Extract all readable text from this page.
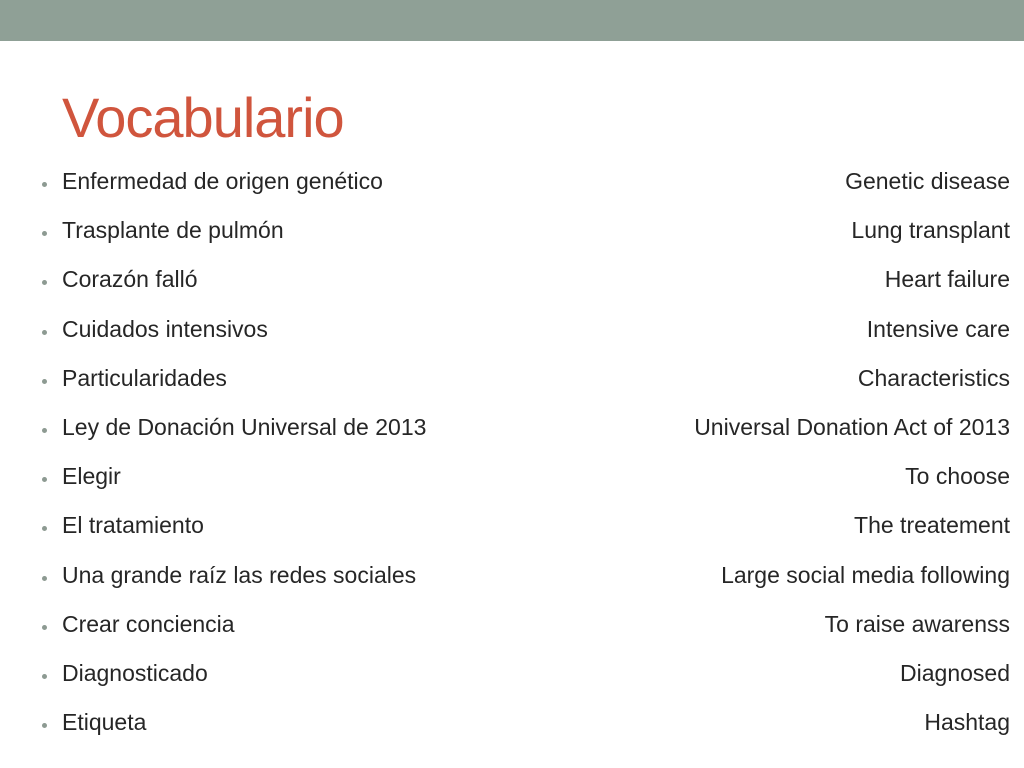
Vocabulario
Enfermedad de origen genético	Genetic disease
Trasplante de pulmón	Lung transplant
Corazón falló	Heart failure
Cuidados intensivos	Intensive care
Particularidades	Characteristics
Ley de Donación Universal de 2013	Universal Donation Act of 2013
Elegir	To choose
El tratamiento	The treatement
Una grande raíz las redes sociales	Large social media following
Crear conciencia	To raise awarenss
Diagnosticado	Diagnosed
Etiqueta	Hashtag
